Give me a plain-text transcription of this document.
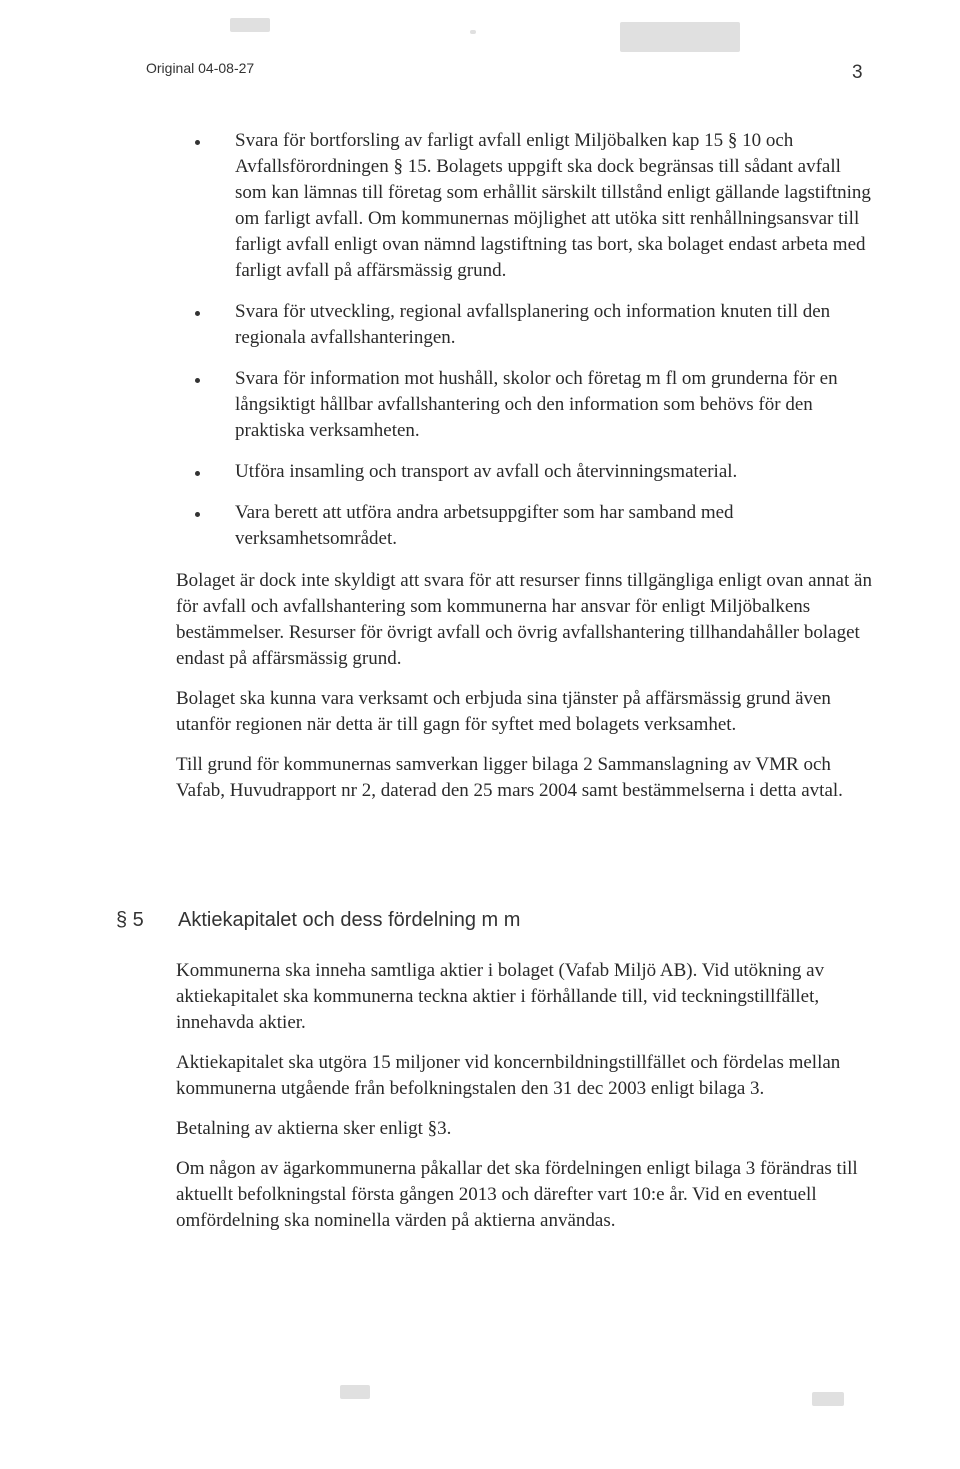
Original 04-08-27	3
Svara för bortforsling av farligt avfall enligt Miljöbalken kap 15 § 10 och Avfallsförordningen § 15. Bolagets uppgift ska dock begränsas till sådant avfall som kan lämnas till företag som erhållit särskilt tillstånd enligt gällande lagstiftning om farligt avfall. Om kommunernas möjlighet att utöka sitt renhållningsansvar till farligt avfall enligt ovan nämnd lagstiftning tas bort, ska bolaget endast arbeta med farligt avfall på affärsmässig grund.
Svara för utveckling, regional avfallsplanering och information knuten till den regionala avfallshanteringen.
Svara för information mot hushåll, skolor och företag m fl om grunderna för en långsiktigt hållbar avfallshantering och den information som behövs för den praktiska verksamheten.
Utföra insamling och transport av avfall och återvinningsmaterial.
Vara berett att utföra andra arbetsuppgifter som har samband med verksamhetsområdet.

Bolaget är dock inte skyldigt att svara för att resurser finns tillgängliga enligt ovan annat än för avfall och avfallshantering som kommunerna har ansvar för enligt Miljöbalkens bestämmelser. Resurser för övrigt avfall och övrig avfallshantering tillhandahåller bolaget endast på affärsmässig grund.

Bolaget ska kunna vara verksamt och erbjuda sina tjänster på affärsmässig grund även utanför regionen när detta är till gagn för syftet med bolagets verksamhet.

Till grund för kommunernas samverkan ligger bilaga 2 Sammanslagning av VMR och Vafab, Huvudrapport nr 2, daterad den 25 mars 2004 samt bestämmelserna i detta avtal.

§ 5 Aktiekapitalet och dess fördelning m m

Kommunerna ska inneha samtliga aktier i bolaget (Vafab Miljö AB). Vid utökning av aktiekapitalet ska kommunerna teckna aktier i förhållande till, vid teckningstillfället, innehavda aktier.

Aktiekapitalet ska utgöra 15 miljoner vid koncernbildningstillfället och fördelas mellan kommunerna utgående från befolkningstalen den 31 dec 2003 enligt bilaga 3.

Betalning av aktierna sker enligt §3.

Om någon av ägarkommunerna påkallar det ska fördelningen enligt bilaga 3 förändras till aktuellt befolkningstal första gången 2013 och därefter vart 10:e år. Vid en eventuell omfördelning ska nominella värden på aktierna användas.
